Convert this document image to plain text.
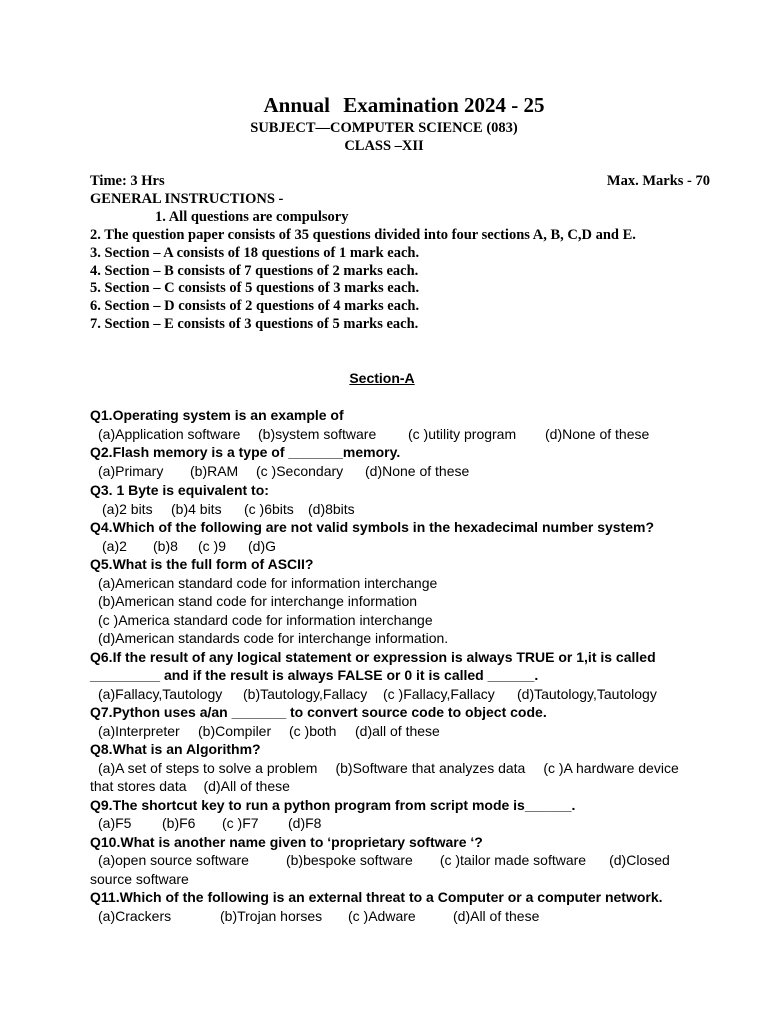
Annual Examination 2024 - 25
SUBJECT—COMPUTER SCIENCE (083)
CLASS –XII
Time: 3 Hrs	Max. Marks - 70
GENERAL INSTRUCTIONS -
1. All questions are compulsory
2. The question paper consists of 35 questions divided into four sections A, B, C,D and E.
3. Section – A consists of 18 questions of 1 mark each.
4. Section – B consists of 7 questions of 2 marks each.
5. Section – C consists of 5 questions of 3 marks each.
6. Section – D consists of 2 questions of 4 marks each.
7. Section – E consists of 3 questions of 5 marks each.
Section-A
Q1.Operating system is an example of
(a)Application software (b)system software (c )utility program (d)None of these
Q2.Flash memory is a type of _______memory.
(a)Primary (b)RAM (c )Secondary (d)None of these
Q3. 1 Byte is equivalent to:
(a)2 bits (b)4 bits (c )6bits (d)8bits
Q4.Which of the following are not valid symbols in the hexadecimal number system?
(a)2 (b)8 (c )9 (d)G
Q5.What is the full form of ASCII?
(a)American standard code for information interchange
(b)American stand code for interchange information
(c )America standard code for information interchange
(d)American standards code for interchange information.
Q6.If the result of any logical statement or expression is always TRUE or 1,it is called
_________ and if the result is always FALSE or 0 it is called ______.
(a)Fallacy,Tautology (b)Tautology,Fallacy (c )Fallacy,Fallacy (d)Tautology,Tautology
Q7.Python uses a/an _______ to convert source code to object code.
(a)Interpreter (b)Compiler (c )both (d)all of these
Q8.What is an Algorithm?
(a)A set of steps to solve a problem (b)Software that analyzes data (c )A hardware device that stores data (d)All of these
Q9.The shortcut key to run a python program from script mode is______.
(a)F5 (b)F6 (c )F7 (d)F8
Q10.What is another name given to ‘proprietary software ‘?
(a)open source software	(b)bespoke software (c )tailor made software (d)Closed source software
Q11.Which of the following is an external threat to a Computer or a computer network.
(a)Crackers	(b)Trojan horses (c )Adware	(d)All of these
